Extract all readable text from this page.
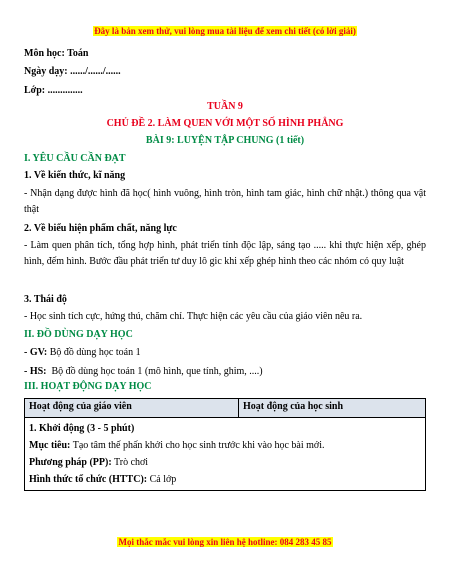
Đây là bản xem thử, vui lòng mua tài liệu để xem chi tiết (có lời giải)
Môn học: Toán
Ngày dạy: ....../....../......
Lớp: ..............
TUẦN 9
CHỦ ĐỀ 2. LÀM QUEN VỚI MỘT SỐ HÌNH PHẲNG
BÀI 9: LUYỆN TẬP CHUNG (1 tiết)
I. YÊU CẦU CẦN ĐẠT
1. Về kiến thức, kĩ năng
- Nhận dạng được hình đã học( hình vuông, hình tròn, hình tam giác, hình chữ nhật.) thông qua vật thật
2. Về biểu hiện phẩm chất, năng lực
- Làm quen phân tích, tổng hợp hình, phát triển tính độc lập, sáng tạo ..... khi thực hiện xếp, ghép hình, đếm hình. Bước đầu phát triển tư duy lô gic khi xếp ghép hình theo các nhóm có quy luật
3. Thái độ
- Học sinh tích cực, hứng thú, chăm chỉ. Thực hiện các yêu cầu của giáo viên nêu ra.
II. ĐỒ DÙNG DẠY HỌC
- GV: Bộ đồ dùng học toán 1
- HS:  Bộ đồ dùng học toán 1 (mô hình, que tính, ghim, ....)
III. HOẠT ĐỘNG DẠY HỌC
Hoạt động của giáo viên	Hoạt động của học sinh

1. Khởi động (3 - 5 phút)
Mục tiêu: Tạo tâm thế phấn khởi cho học sinh trước khi vào học bài mới.
Phương pháp (PP): Trò chơi
Hình thức tổ chức (HTTC): Cả lớp
Mọi thắc mắc vui lòng xin liên hệ hotline: 084 283 45 85
